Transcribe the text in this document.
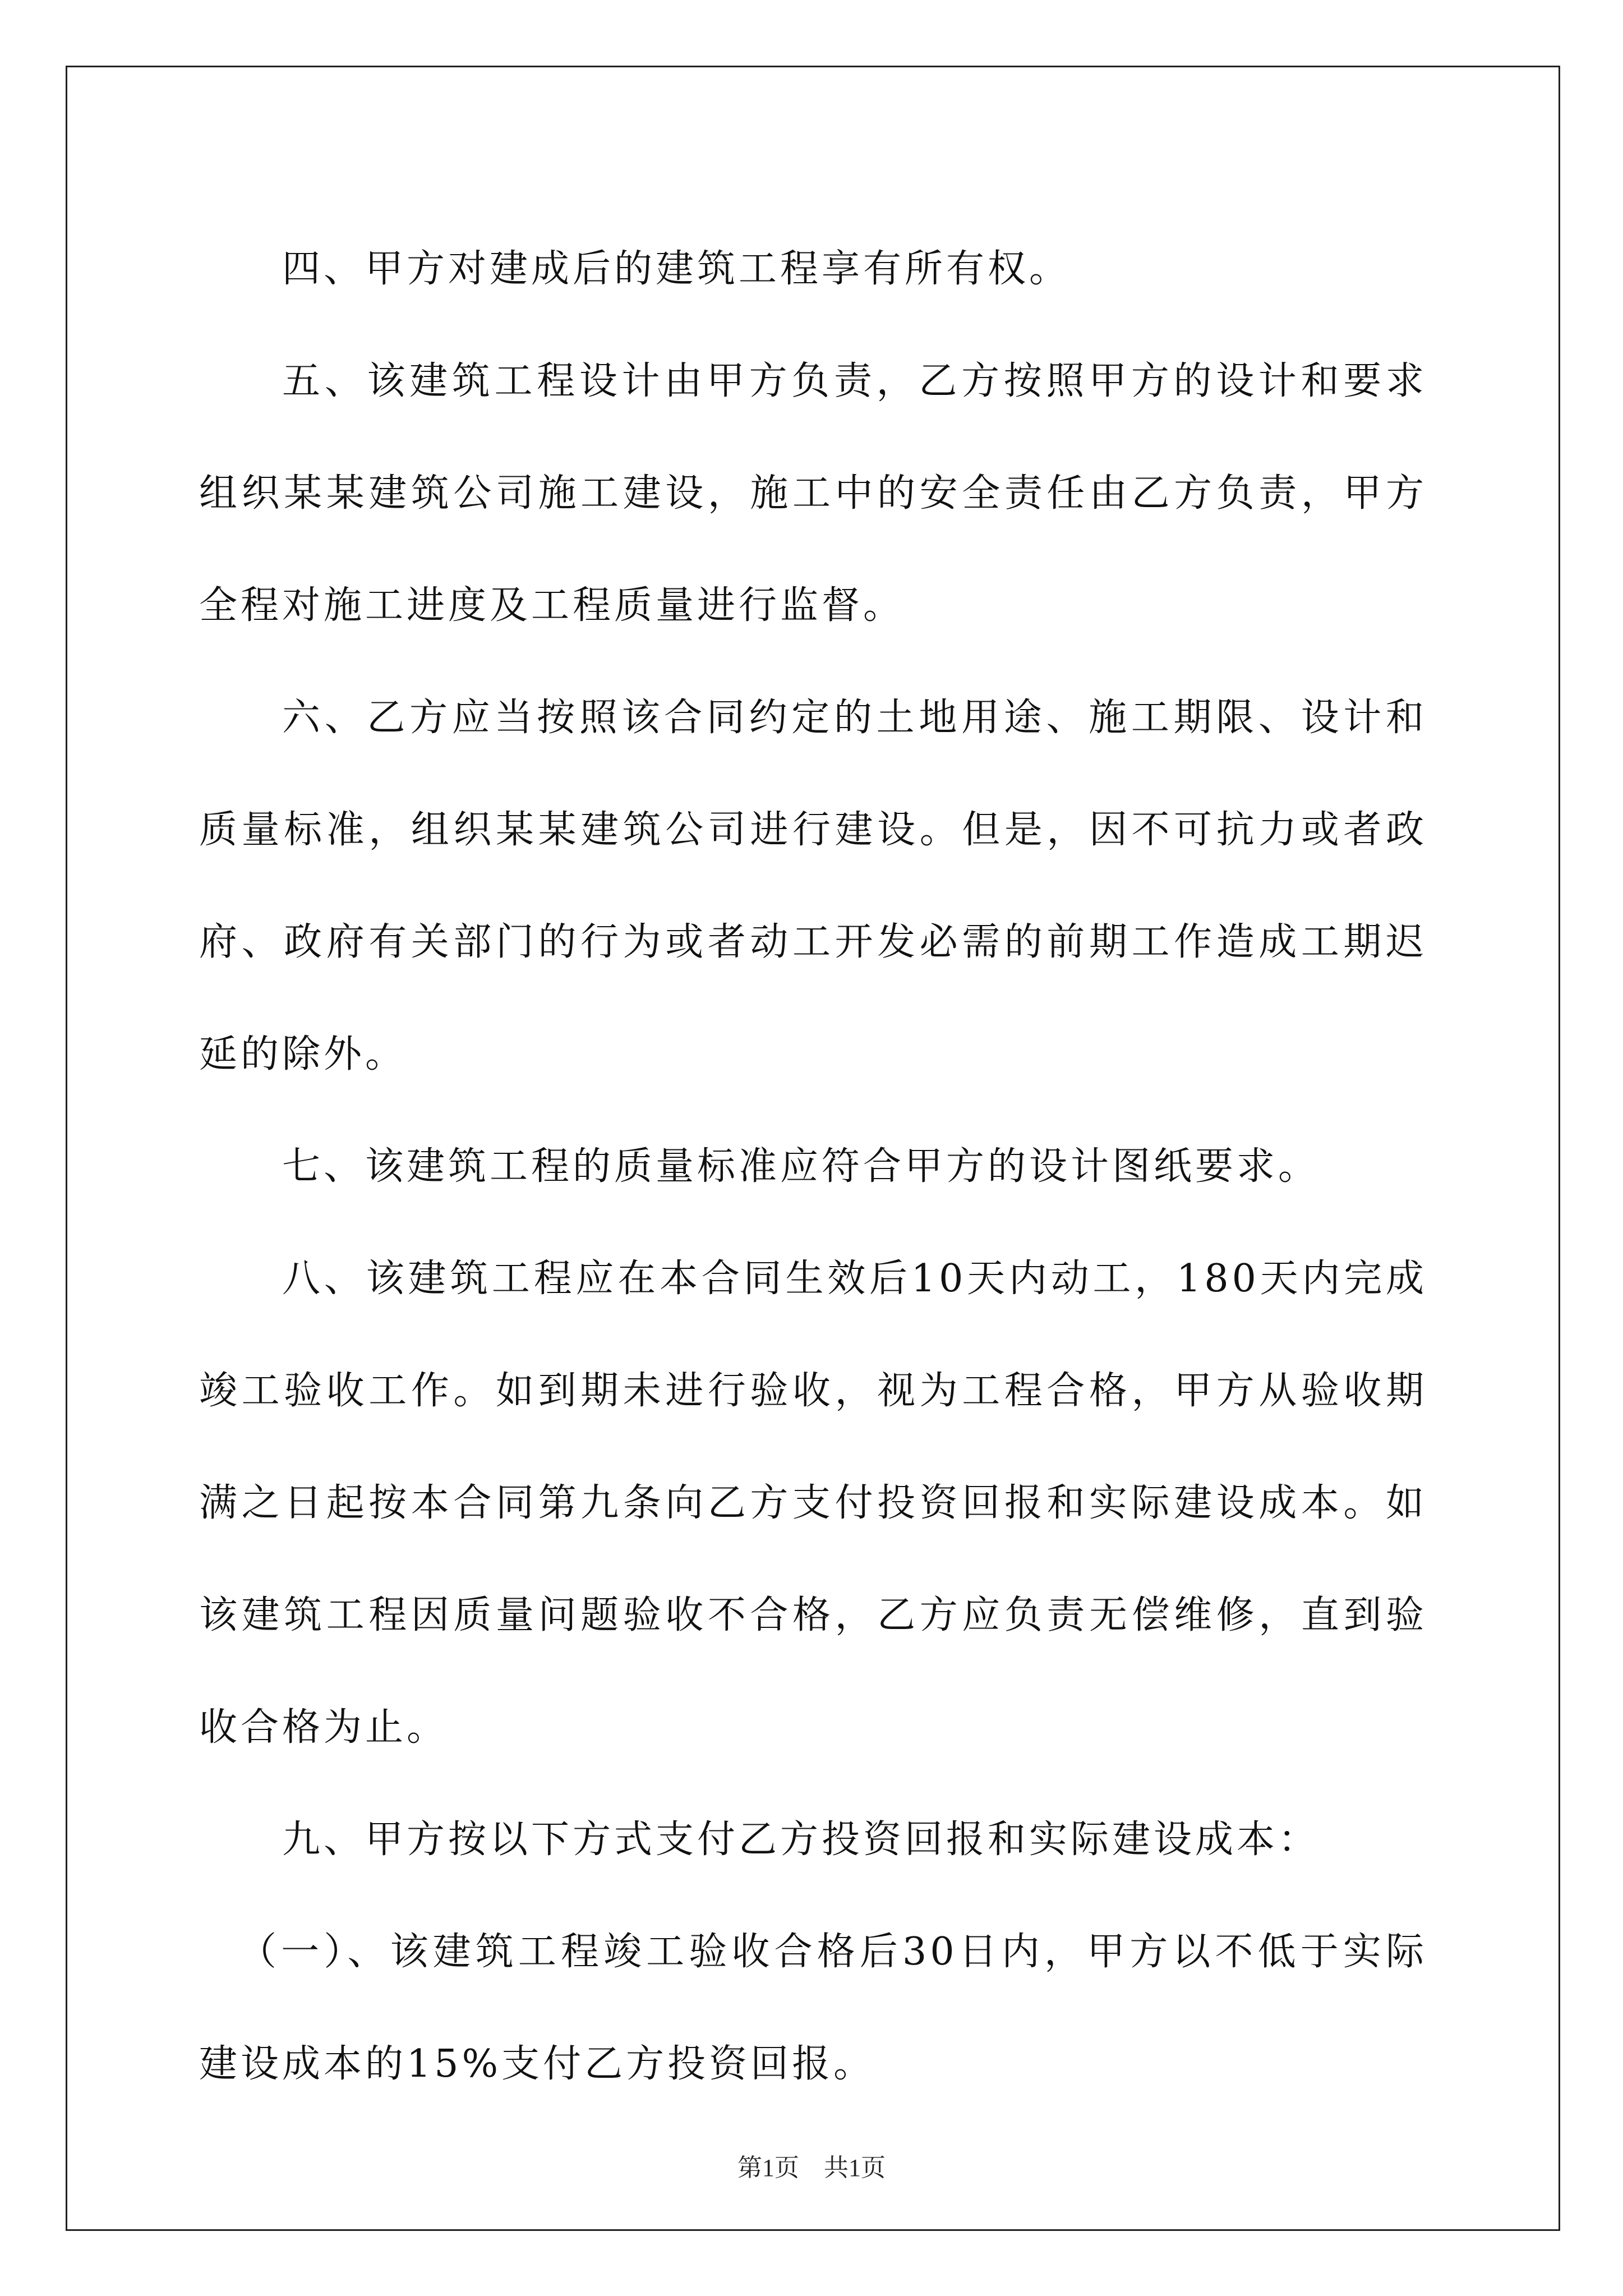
四、甲方对建成后的建筑工程享有所有权。

五、该建筑工程设计由甲方负责，乙方按照甲方的设计和要求组织某某建筑公司施工建设，施工中的安全责任由乙方负责，甲方全程对施工进度及工程质量进行监督。

六、乙方应当按照该合同约定的土地用途、施工期限、设计和质量标准，组织某某建筑公司进行建设。但是，因不可抗力或者政府、政府有关部门的行为或者动工开发必需的前期工作造成工期迟延的除外。

七、该建筑工程的质量标准应符合甲方的设计图纸要求。

八、该建筑工程应在本合同生效后10天内动工，180天内完成竣工验收工作。如到期未进行验收，视为工程合格，甲方从验收期满之日起按本合同第九条向乙方支付投资回报和实际建设成本。如该建筑工程因质量问题验收不合格，乙方应负责无偿维修，直到验收合格为止。

九、甲方按以下方式支付乙方投资回报和实际建设成本：

（一）、该建筑工程竣工验收合格后30日内，甲方以不低于实际建设成本的15%支付乙方投资回报。

第1页　共1页
